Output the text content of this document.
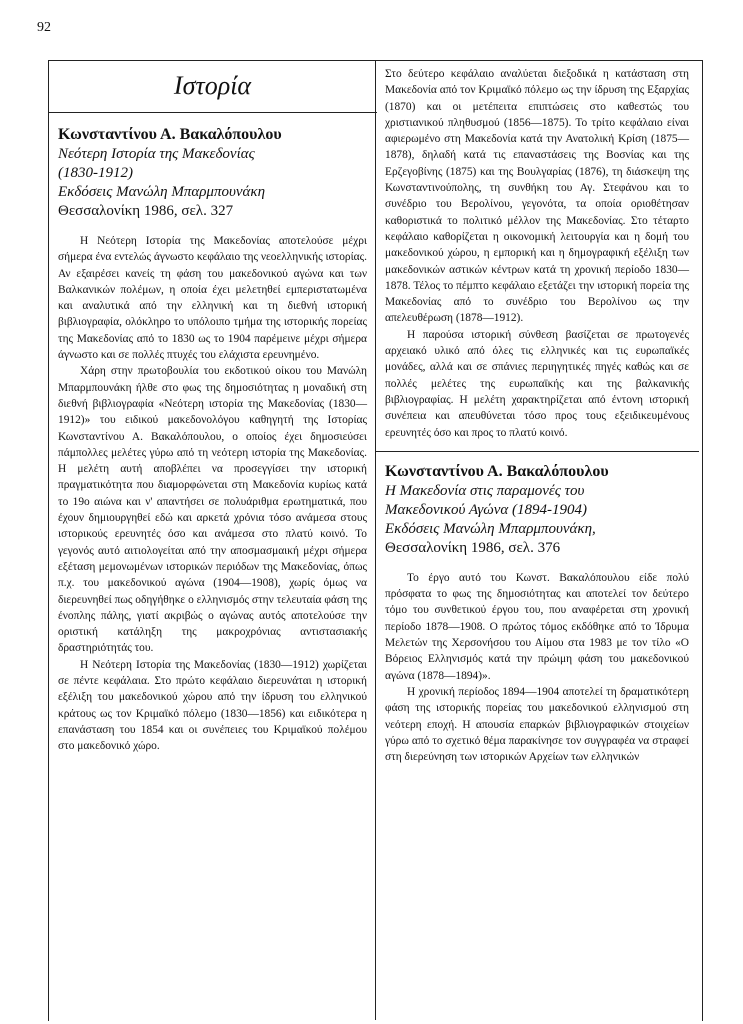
92
Ιστορία
Κωνσταντίνου Α. Βακαλόπουλου
Νεότερη Ιστορία της Μακεδονίας
(1830-1912)
Εκδόσεις Μανώλη Μπαρμπουνάκη
Θεσσαλονίκη 1986, σελ. 327

Η Νεότερη Ιστορία της Μακεδονίας αποτελούσε μέχρι σήμερα ένα εντελώς άγνωστο κεφάλαιο της νεοελληνικής ιστορίας. Αν εξαιρέσει κανείς τη φάση του μακεδονικού αγώνα και των Βαλκανικών πολέμων, η οποία έχει μελετηθεί εμπεριστατωμένα και αναλυτικά από την ελληνική και τη διεθνή ιστορική βιβλιογραφία, ολόκληρο το υπόλοιπο τμήμα της ιστορικής πορείας της Μακεδονίας από το 1830 ως το 1904 παρέμεινε μέχρι σήμερα άγνωστο και σε πολλές πτυχές του ελάχιστα ερευνημένο.

Χάρη στην πρωτοβουλία του εκδοτικού οίκου του Μανώλη Μπαρμπουνάκη ήλθε στο φως της δημοσιότητας η μοναδική στη διεθνή βιβλιογραφία «Νεότερη ιστορία της Μακεδονίας (1830—1912)» του ειδικού μακεδονολόγου καθηγητή της Ιστορίας Κωνσταντίνου Α. Βακαλόπουλου, ο οποίος έχει δημοσιεύσει πάμπολλες μελέτες γύρω από τη νεότερη ιστορία της Μακεδονίας. Η μελέτη αυτή αποβλέπει να προσεγγίσει την ιστορική πραγματικότητα που διαμορφώνεται στη Μακεδονία κυρίως κατά το 19ο αιώνα και ν' απαντήσει σε πολυάριθμα ερωτηματικά, που έχουν δημιουργηθεί εδώ και αρκετά χρόνια τόσο ανάμεσα στους ιστορικούς ερευνητές όσο και ανάμεσα στο πλατύ κοινό. Το γεγονός αυτό αιτιολογείται από την αποσμασμαική μέχρι σήμερα εξέταση μεμονωμένων ιστορικών περιόδων της Μακεδονίας, όπως π.χ. του μακεδονικού αγώνα (1904—1908), χωρίς όμως να διερευνηθεί πως οδηγήθηκε ο ελληνισμός στην τελευταία φάση της ένοπλης πάλης, γιατί ακριβώς ο αγώνας αυτός αποτελούσε την οριστική κατάληξη της μακροχρόνιας αντιστασιακής δραστηριότητάς του.

Η Νεότερη Ιστορία της Μακεδονίας (1830—1912) χωρίζεται σε πέντε κεφάλαια. Στο πρώτο κεφάλαιο διερευνάται η ιστορική εξέλιξη του μακεδονικού χώρου από την ίδρυση του ελληνικού κράτους ως τον Κριμαϊκό πόλεμο (1830—1856) και ειδικότερα η επανάσταση του 1854 και οι συνέπειες του Κριμαϊκού πολέμου στο μακεδονικό χώρο.

Στο δεύτερο κεφάλαιο αναλύεται διεξοδικά η κατάσταση στη Μακεδονία από τον Κριμαϊκό πόλεμο ως την ίδρυση της Εξαρχίας (1870) και οι μετέπειτα επιπτώσεις στο καθεστώς του χριστιανικού πληθυσμού (1856—1875). Το τρίτο κεφάλαιο είναι αφιερωμένο στη Μακεδονία κατά την Ανατολική Κρίση (1875—1878), δηλαδή κατά τις επαναστάσεις της Βοσνίας και της Ερζεγοβίνης (1875) και της Βουλγαρίας (1876), τη διάσκεψη της Κωνσταντινούπολης, τη συνθήκη του Αγ. Στεφάνου και το συνέδριο του Βερολίνου, γεγονότα, τα οποία οριοθέτησαν καθοριστικά το πολιτικό μέλλον της Μακεδονίας. Στο τέταρτο κεφάλαιο καθορίζεται η οικονομική λειτουργία και η δομή του μακεδονικού χώρου, η εμπορική και η δημογραφική εξέλιξη των μακεδονικών αστικών κέντρων κατά τη χρονική περίοδο 1830—1878. Τέλος το πέμπτο κεφάλαιο εξετάζει την ιστορική πορεία της Μακεδονίας από το συνέδριο του Βερολίνου ως την απελευθέρωση (1878—1912).

Η παρούσα ιστορική σύνθεση βασίζεται σε πρωτογενές αρχειακό υλικό από όλες τις ελληνικές και τις ευρωπαϊκές μονάδες, αλλά και σε σπάνιες περιηγητικές πηγές καθώς και σε πολλές μελέτες της ευρωπαϊκής και της βαλκανικής βιβλιογραφίας. Η μελέτη χαρακτηρίζεται από έντονη ιστορική συνέπεια και απευθύνεται τόσο προς τους εξειδικευμένους ερευνητές όσο και προς το πλατύ κοινό.

Κωνσταντίνου Α. Βακαλόπουλου
Η Μακεδονία στις παραμονές του
Μακεδονικού Αγώνα (1894-1904)
Εκδόσεις Μανώλη Μπαρμπουνάκη,
Θεσσαλονίκη 1986, σελ. 376

Το έργο αυτό του Κωνστ. Βακαλόπουλου είδε πολύ πρόσφατα το φως της δημοσιότητας και αποτελεί τον δεύτερο τόμο του συνθετικού έργου του, που αναφέρεται στη χρονική περίοδο 1878—1908. Ο πρώτος τόμος εκδόθηκε από το Ίδρυμα Μελετών της Χερσονήσου του Αίμου στα 1983 με τον τίλο «Ο Βόρειος Ελληνισμός κατά την πρώιμη φάση του μακεδονικού αγώνα (1878—1894)».

Η χρονική περίοδος 1894—1904 αποτελεί τη δραματικότερη φάση της ιστορικής πορείας του μακεδονικού ελληνισμού στη νεότερη εποχή. Η απουσία επαρκών βιβλιογραφικών στοιχείων γύρω από το σχετικό θέμα παρακίνησε τον συγγραφέα να στραφεί στη διερεύνηση των ιστορικών Αρχείων των ελληνικών
